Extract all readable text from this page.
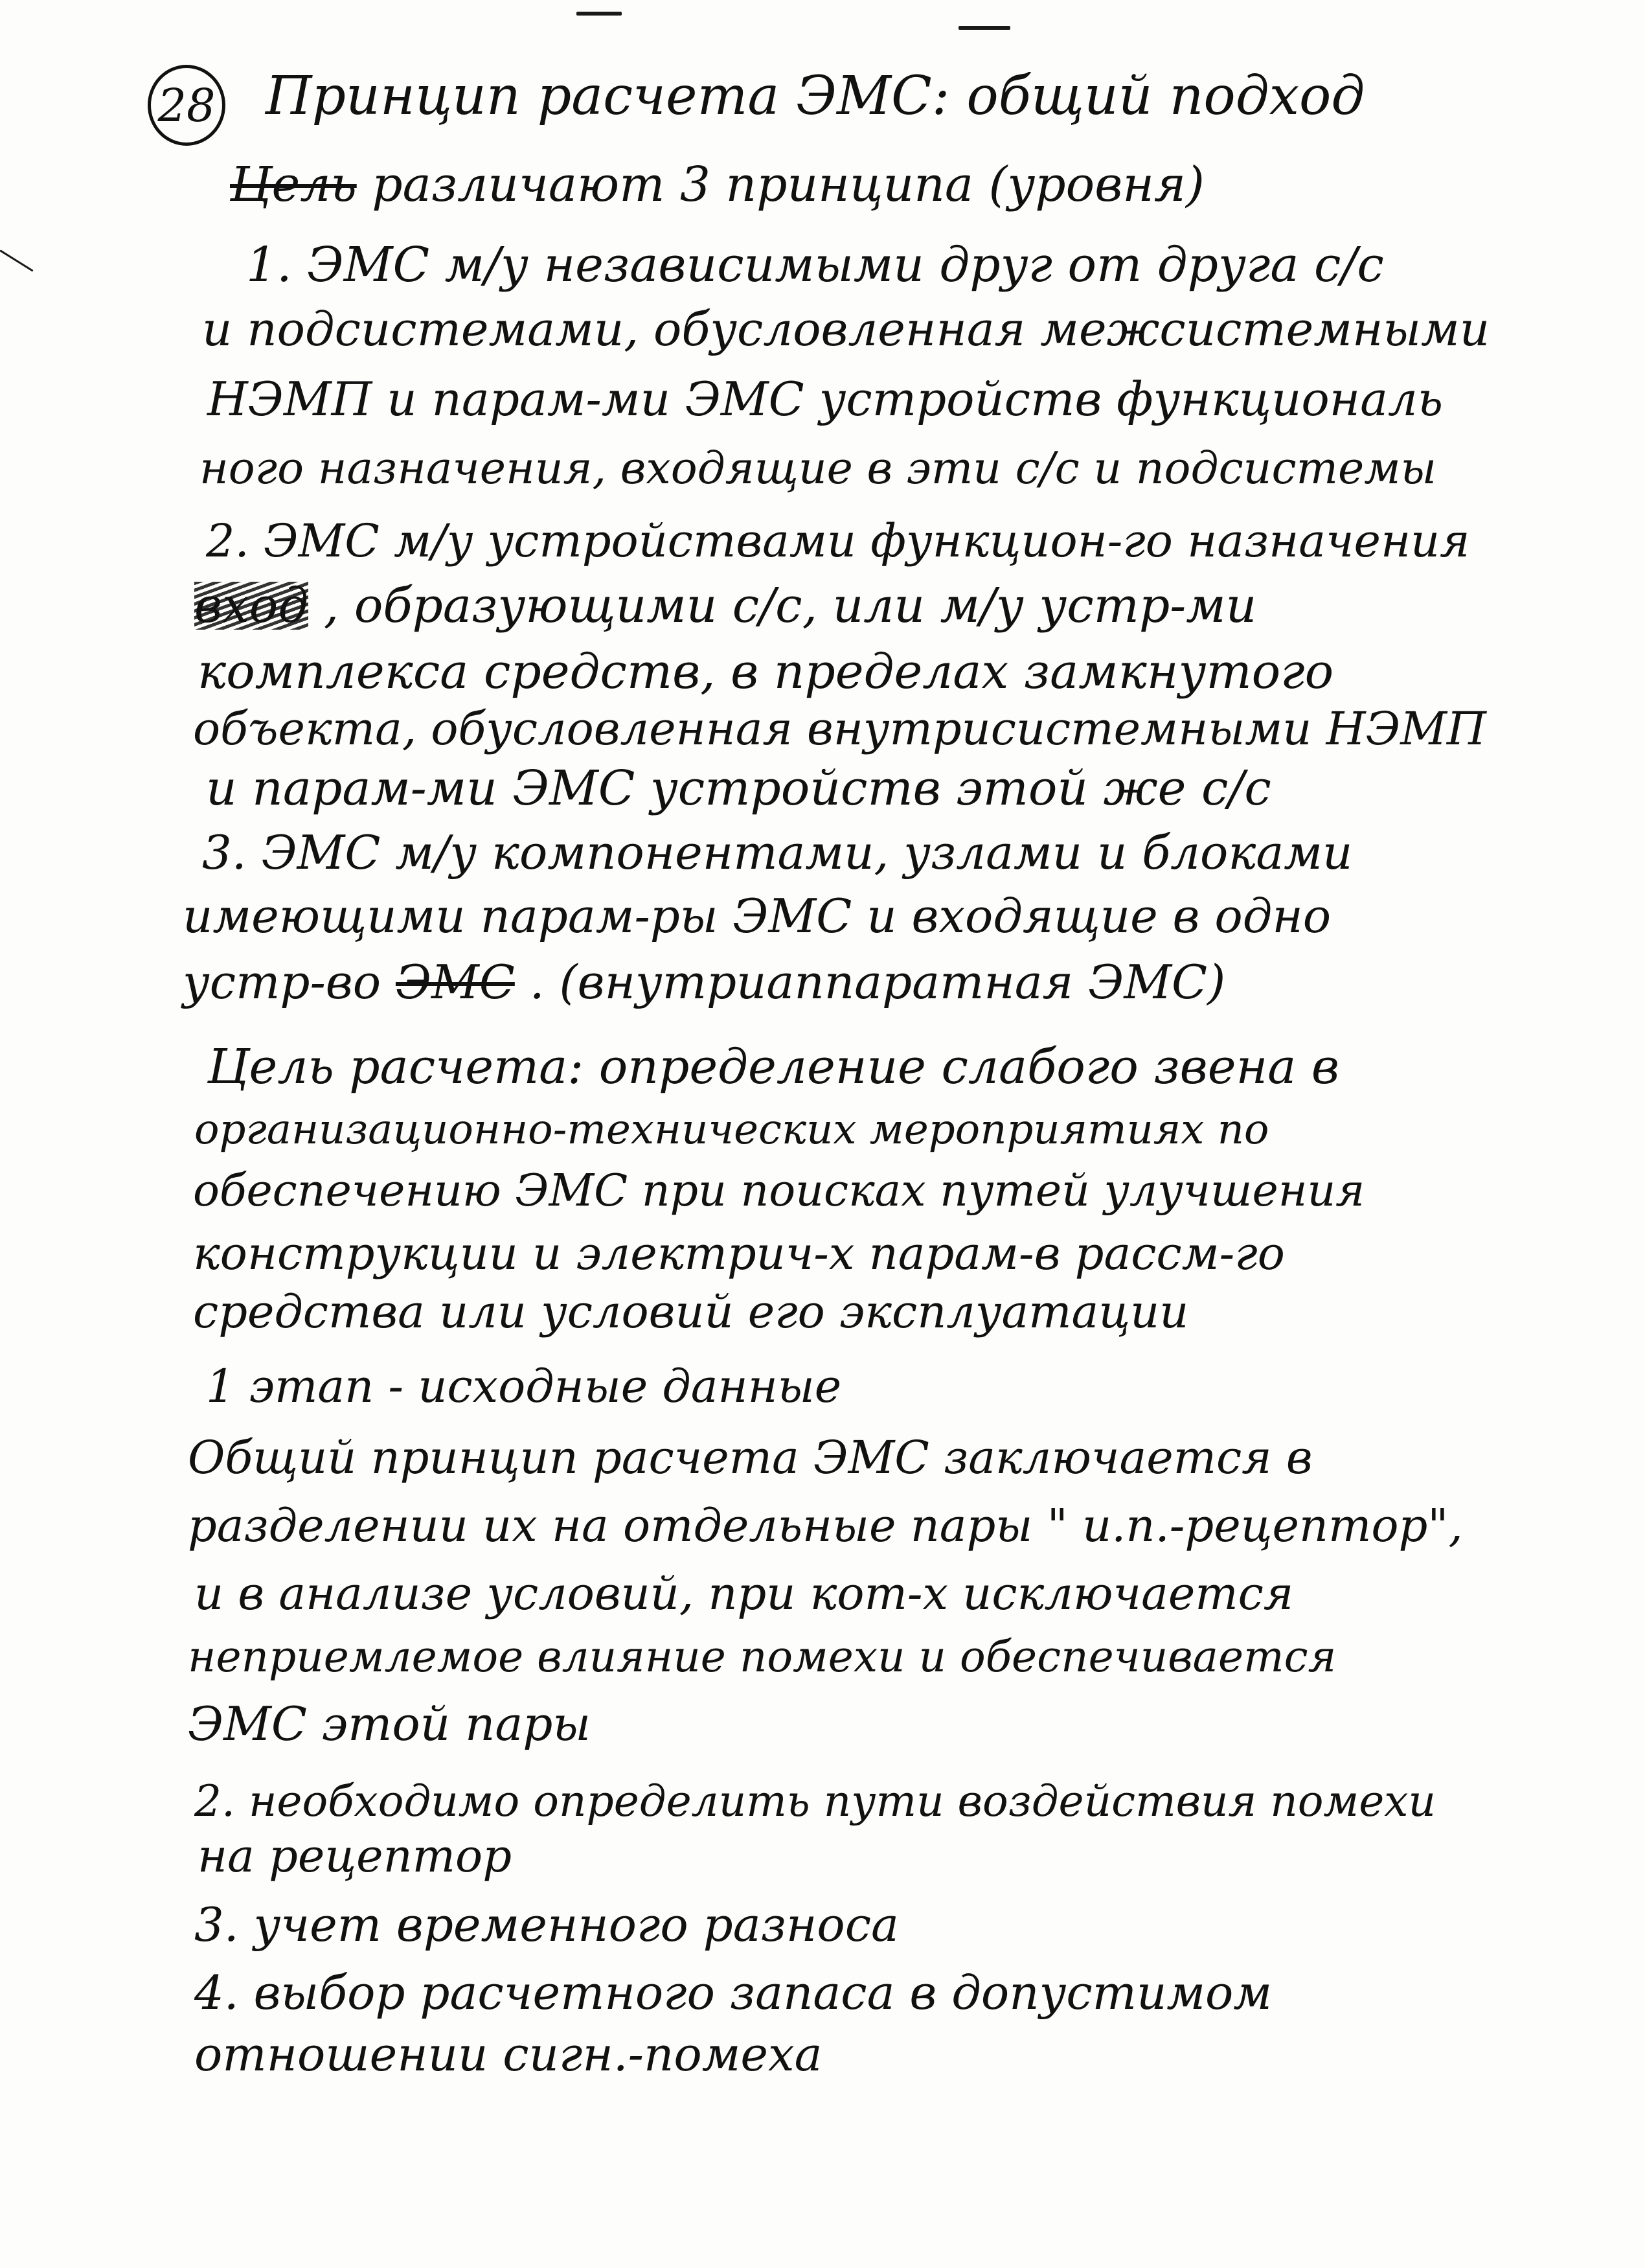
28 Принцип расчета ЭМС: общий подход
Цель различают 3 принципа (уровня)
1. ЭМС м/у независимыми друг от друга с/с
и подсистемами, обусловленная межсистемными
НЭМП и парам-ми ЭМС устройств функциональ
ного назначения, входящие в эти с/с и подсистемы
2. ЭМС м/у устройствами функцион-го назначения
вход , образующими с/с, или м/у устр-ми
комплекса средств, в пределах замкнутого
объекта, обусловленная внутрисистемными НЭМП
и парам-ми ЭМС устройств этой же с/с
3. ЭМС м/у компонентами, узлами и блоками
имеющими парам-ры ЭМС и входящие в одно
устр-во ЭМС . (внутриаппаратная ЭМС)
Цель расчета: определение слабого звена в
организационно-технических мероприятиях по
обеспечению ЭМС при поисках путей улучшения
конструкции и электрич-х парам-в рассм-го
средства или условий его эксплуатации
1 этап - исходные данные
Общий принцип расчета ЭМС заключается в
разделении их на отдельные пары " и.п.-рецептор",
и в анализе условий, при кот-х исключается
неприемлемое влияние помехи и обеспечивается
ЭМС этой пары
2. необходимо определить пути воздействия помехи
на рецептор
3. учет временного разноса
4. выбор расчетного запаса в допустимом
отношении сигн.-помеха
